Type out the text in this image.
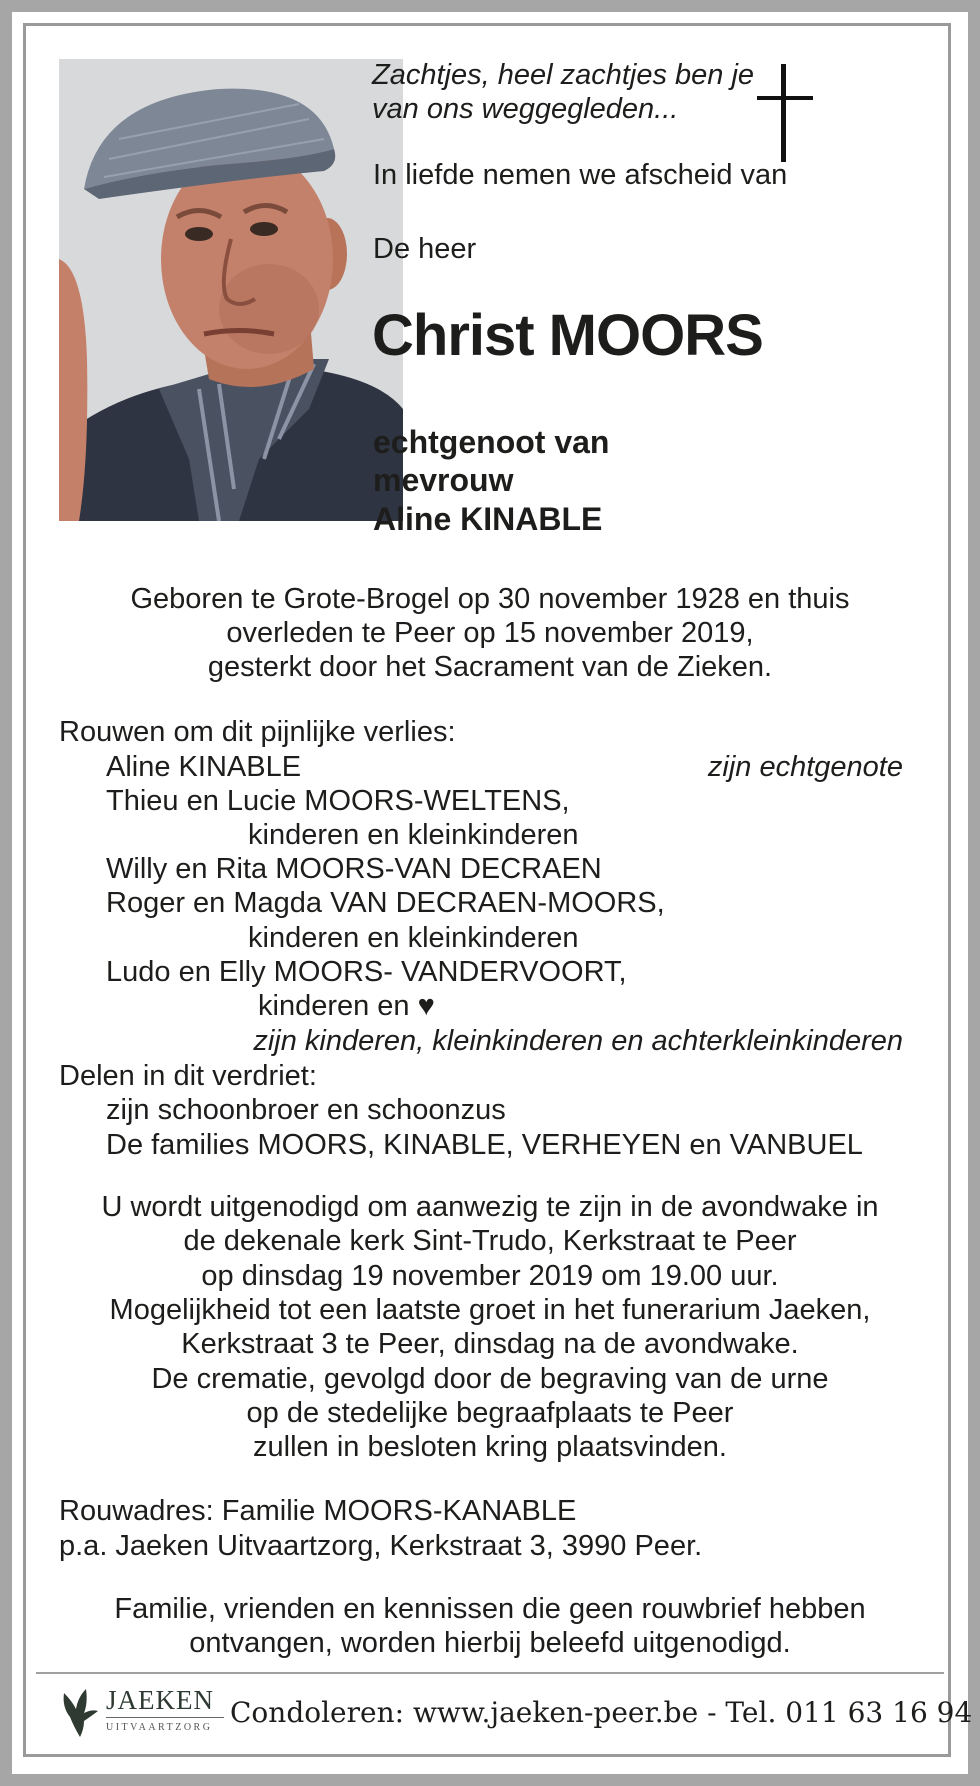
Zachtjes, heel zachtjes ben je
van ons weggegleden...
In liefde nemen we afscheid van
De heer
Christ MOORS
echtgenoot van
mevrouw
Aline KINABLE
Geboren te Grote-Brogel op 30 november 1928 en thuis
overleden te Peer op 15 november 2019,
gesterkt door het Sacrament van de Zieken.
Rouwen om dit pijnlijke verlies:
Aline KINABLE	zijn echtgenote
Thieu en Lucie MOORS-WELTENS,
kinderen en kleinkinderen
Willy en Rita MOORS-VAN DECRAEN
Roger en Magda VAN DECRAEN-MOORS,
kinderen en kleinkinderen
Ludo en Elly MOORS- VANDERVOORT,
kinderen en ♥
zijn kinderen, kleinkinderen en achterkleinkinderen
Delen in dit verdriet:
zijn schoonbroer en schoonzus
De families MOORS, KINABLE, VERHEYEN en VANBUEL
U wordt uitgenodigd om aanwezig te zijn in de avondwake in
de dekenale kerk Sint-Trudo, Kerkstraat te Peer
op dinsdag 19 november 2019 om 19.00 uur.
Mogelijkheid tot een laatste groet in het funerarium Jaeken,
Kerkstraat 3 te Peer, dinsdag na de avondwake.
De crematie, gevolgd door de begraving van de urne
op de stedelijke begraafplaats te Peer
zullen in besloten kring plaatsvinden.
Rouwadres: Familie MOORS-KANABLE
p.a. Jaeken Uitvaartzorg, Kerkstraat 3, 3990 Peer.
Familie, vrienden en kennissen die geen rouwbrief hebben
ontvangen, worden hierbij beleefd uitgenodigd.
JAEKEN
UITVAARTZORG Condoleren: www.jaeken-peer.be - Tel. 011 63 16 94
